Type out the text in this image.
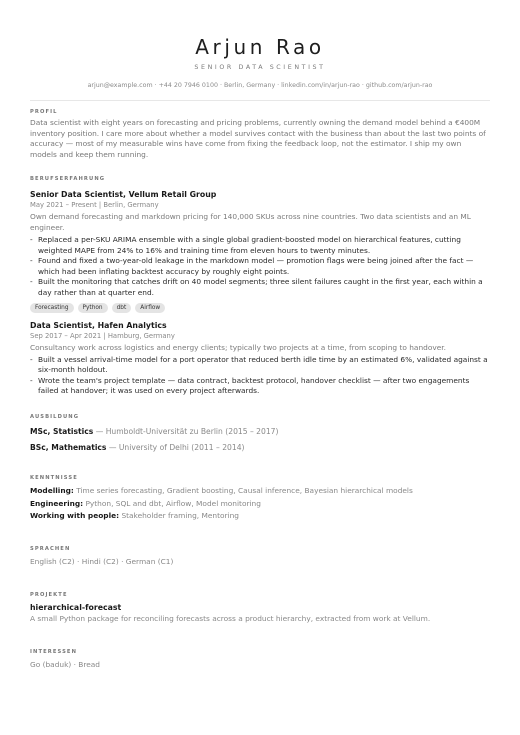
Arjun Rao
SENIOR DATA SCIENTIST
arjun@example.com · +44 20 7946 0100 · Berlin, Germany · linkedin.com/in/arjun-rao · github.com/arjun-rao
PROFIL
Data scientist with eight years on forecasting and pricing problems, currently owning the demand model behind a €400M inventory position. I care more about whether a model survives contact with the business than about the last two points of accuracy — most of my measurable wins have come from fixing the feedback loop, not the estimator. I ship my own models and keep them running.
BERUFSERFAHRUNG
Senior Data Scientist, Vellum Retail Group
May 2021 – Present | Berlin, Germany
Own demand forecasting and markdown pricing for 140,000 SKUs across nine countries. Two data scientists and an ML engineer.
- Replaced a per-SKU ARIMA ensemble with a single global gradient-boosted model on hierarchical features, cutting weighted MAPE from 24% to 16% and training time from eleven hours to twenty minutes.
- Found and fixed a two-year-old leakage in the markdown model — promotion flags were being joined after the fact — which had been inflating backtest accuracy by roughly eight points.
- Built the monitoring that catches drift on 40 model segments; three silent failures caught in the first year, each within a day rather than at quarter end.
Forecasting	Python	dbt	Airflow
Data Scientist, Hafen Analytics
Sep 2017 – Apr 2021 | Hamburg, Germany
Consultancy work across logistics and energy clients; typically two projects at a time, from scoping to handover.
- Built a vessel arrival-time model for a port operator that reduced berth idle time by an estimated 6%, validated against a six-month holdout.
- Wrote the team's project template — data contract, backtest protocol, handover checklist — after two engagements failed at handover; it was used on every project afterwards.
AUSBILDUNG
MSc, Statistics — Humboldt-Universität zu Berlin (2015 – 2017)
BSc, Mathematics — University of Delhi (2011 – 2014)
KENNTNISSE
Modelling: Time series forecasting, Gradient boosting, Causal inference, Bayesian hierarchical models
Engineering: Python, SQL and dbt, Airflow, Model monitoring
Working with people: Stakeholder framing, Mentoring
SPRACHEN
English (C2) · Hindi (C2) · German (C1)
PROJEKTE
hierarchical-forecast
A small Python package for reconciling forecasts across a product hierarchy, extracted from work at Vellum.
INTERESSEN
Go (baduk) · Bread
